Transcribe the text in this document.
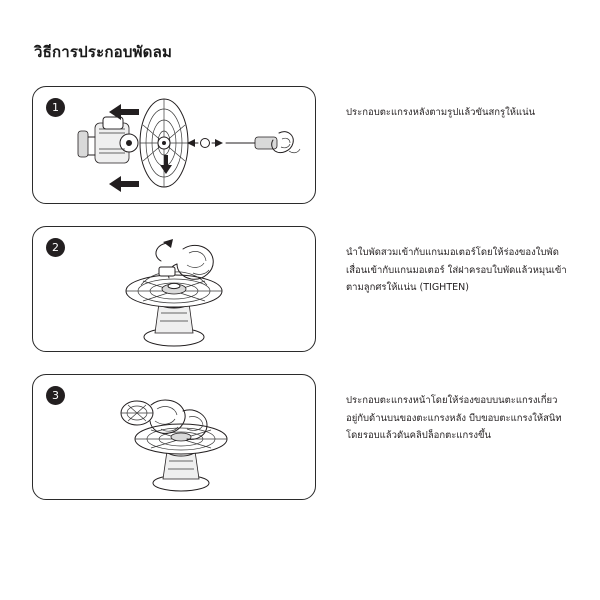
วิธีการประกอบพัดลม
1	ประกอบตะแกรงหลังตามรูปแล้วขันสกรูให้แน่น

2	นำใบพัดสวมเข้ากับแกนมอเตอร์โดยให้ร่องของใบพัดเสื่อนเข้ากับแกนมอเตอร์ ใส่ฝาครอบใบพัดแล้วหมุนเข้าตามลูกศรให้แน่น (TIGHTEN)

3	ประกอบตะแกรงหน้าโดยให้ร่องขอบบนตะแกรงเกี่ยวอยู่กับด้านบนของตะแกรงหลัง บีบขอบตะแกรงให้สนิทโดยรอบแล้วดันคลิปล็อกตะแกรงขึ้น
